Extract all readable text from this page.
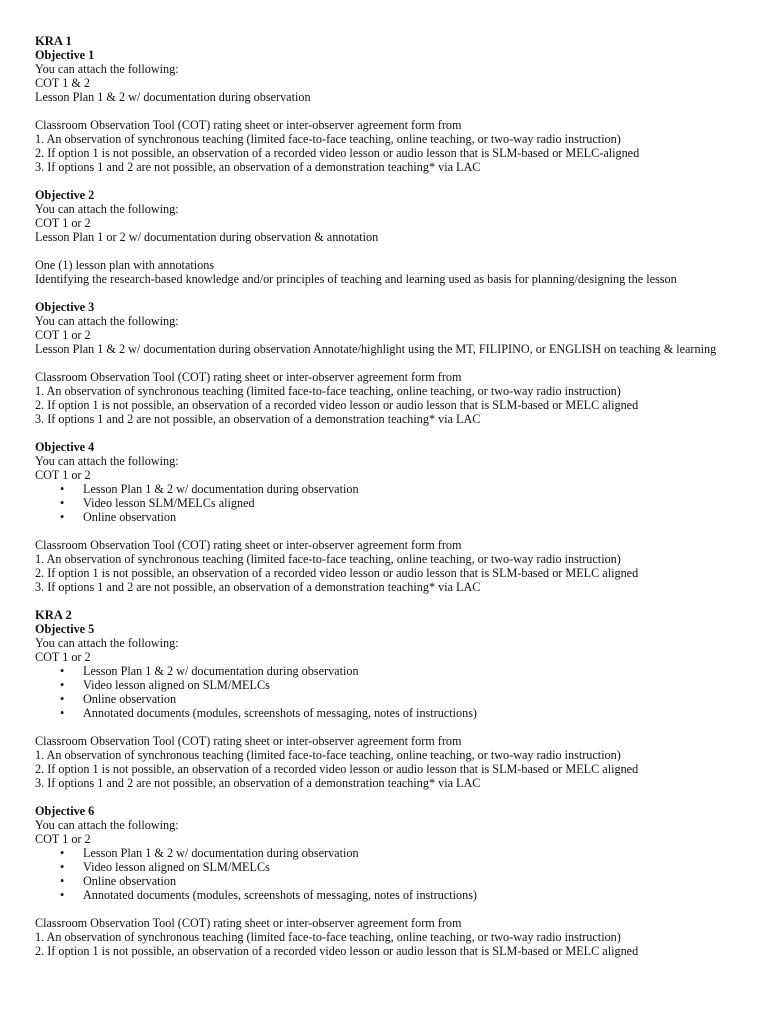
KRA 1
Objective 1
You can attach the following:
COT 1 & 2
Lesson Plan 1 & 2 w/ documentation during observation
Classroom Observation Tool (COT) rating sheet or inter-observer agreement form from
1. An observation of synchronous teaching (limited face-to-face teaching, online teaching, or two-way radio instruction)
2. If option 1 is not possible, an observation of a recorded video lesson or audio lesson that is SLM-based or MELC-aligned
3. If options 1 and 2 are not possible, an observation of a demonstration teaching* via LAC
Objective 2
You can attach the following:
COT 1 or 2
Lesson Plan 1 or 2 w/ documentation during observation & annotation
One (1) lesson plan with annotations
Identifying the research-based knowledge and/or principles of teaching and learning used as basis for planning/designing the lesson
Objective 3
You can attach the following:
COT 1 or 2
Lesson Plan 1 & 2 w/ documentation during observation Annotate/highlight using the MT, FILIPINO, or ENGLISH on teaching & learning
Classroom Observation Tool (COT) rating sheet or inter-observer agreement form from
1. An observation of synchronous teaching (limited face-to-face teaching, online teaching, or two-way radio instruction)
2. If option 1 is not possible, an observation of a recorded video lesson or audio lesson that is SLM-based or MELC aligned
3. If options 1 and 2 are not possible, an observation of a demonstration teaching* via LAC
Objective 4
You can attach the following:
COT 1 or 2
• Lesson Plan 1 & 2 w/ documentation during observation
• Video lesson SLM/MELCs aligned
• Online observation
Classroom Observation Tool (COT) rating sheet or inter-observer agreement form from
1. An observation of synchronous teaching (limited face-to-face teaching, online teaching, or two-way radio instruction)
2. If option 1 is not possible, an observation of a recorded video lesson or audio lesson that is SLM-based or MELC aligned
3. If options 1 and 2 are not possible, an observation of a demonstration teaching* via LAC
KRA 2
Objective 5
You can attach the following:
COT 1 or 2
• Lesson Plan 1 & 2 w/ documentation during observation
• Video lesson aligned on SLM/MELCs
• Online observation
• Annotated documents (modules, screenshots of messaging, notes of instructions)
Classroom Observation Tool (COT) rating sheet or inter-observer agreement form from
1. An observation of synchronous teaching (limited face-to-face teaching, online teaching, or two-way radio instruction)
2. If option 1 is not possible, an observation of a recorded video lesson or audio lesson that is SLM-based or MELC aligned
3. If options 1 and 2 are not possible, an observation of a demonstration teaching* via LAC
Objective 6
You can attach the following:
COT 1 or 2
• Lesson Plan 1 & 2 w/ documentation during observation
• Video lesson aligned on SLM/MELCs
• Online observation
• Annotated documents (modules, screenshots of messaging, notes of instructions)
Classroom Observation Tool (COT) rating sheet or inter-observer agreement form from
1. An observation of synchronous teaching (limited face-to-face teaching, online teaching, or two-way radio instruction)
2. If option 1 is not possible, an observation of a recorded video lesson or audio lesson that is SLM-based or MELC aligned
